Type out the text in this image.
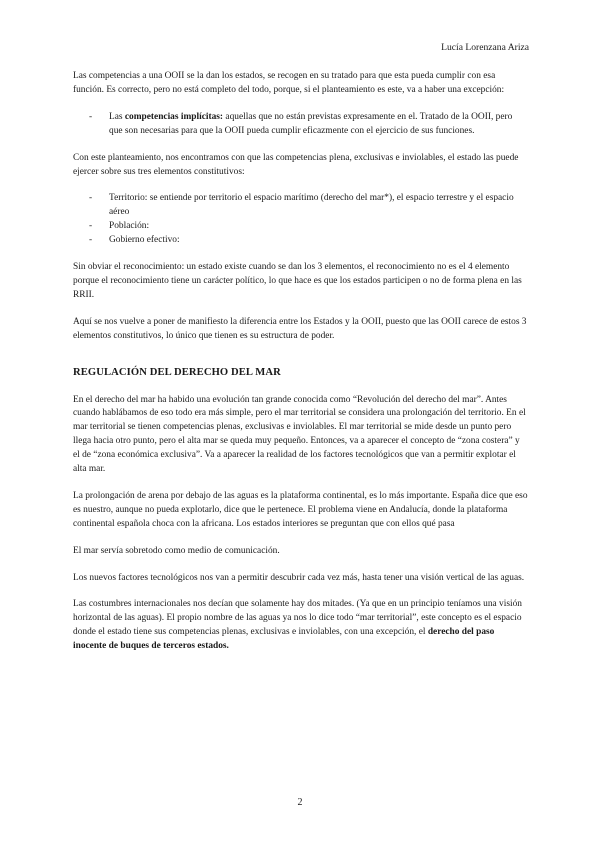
Lucía Lorenzana Ariza

Las competencias a una OOII se la dan los estados, se recogen en su tratado para que esta pueda cumplir con esa función. Es correcto, pero no está completo del todo, porque, si el planteamiento es este, va a haber una excepción:

- Las competencias implícitas: aquellas que no están previstas expresamente en el. Tratado de la OOII, pero que son necesarias para que la OOII pueda cumplir eficazmente con el ejercicio de sus funciones.

Con este planteamiento, nos encontramos con que las competencias plena, exclusivas e inviolables, el estado las puede ejercer sobre sus tres elementos constitutivos:

- Territorio: se entiende por territorio el espacio marítimo (derecho del mar*), el espacio terrestre y el espacio aéreo
- Población:
- Gobierno efectivo:

Sin obviar el reconocimiento: un estado existe cuando se dan los 3 elementos, el reconocimiento no es el 4 elemento porque el reconocimiento tiene un carácter político, lo que hace es que los estados participen o no de forma plena en las RRII.

Aquí se nos vuelve a poner de manifiesto la diferencia entre los Estados y la OOII, puesto que las OOII carece de estos 3 elementos constitutivos, lo único que tienen es su estructura de poder.

REGULACIÓN DEL DERECHO DEL MAR

En el derecho del mar ha habido una evolución tan grande conocida como “Revolución del derecho del mar”. Antes cuando hablábamos de eso todo era más simple, pero el mar territorial se considera una prolongación del territorio. En el mar territorial se tienen competencias plenas, exclusivas e inviolables. El mar territorial se mide desde un punto pero llega hacia otro punto, pero el alta mar se queda muy pequeño. Entonces, va a aparecer el concepto de “zona costera” y el de “zona económica exclusiva”. Va a aparecer la realidad de los factores tecnológicos que van a permitir explotar el alta mar.

La prolongación de arena por debajo de las aguas es la plataforma continental, es lo más importante. España dice que eso es nuestro, aunque no pueda explotarlo, dice que le pertenece. El problema viene en Andalucía, donde la plataforma continental española choca con la africana. Los estados interiores se preguntan que con ellos qué pasa

El mar servía sobretodo como medio de comunicación.

Los nuevos factores tecnológicos nos van a permitir descubrir cada vez más, hasta tener una visión vertical de las aguas.

Las costumbres internacionales nos decían que solamente hay dos mitades. (Ya que en un principio teníamos una visión horizontal de las aguas). El propio nombre de las aguas ya nos lo dice todo “mar territorial”, este concepto es el espacio donde el estado tiene sus competencias plenas, exclusivas e inviolables, con una excepción, el derecho del paso inocente de buques de terceros estados.

2
